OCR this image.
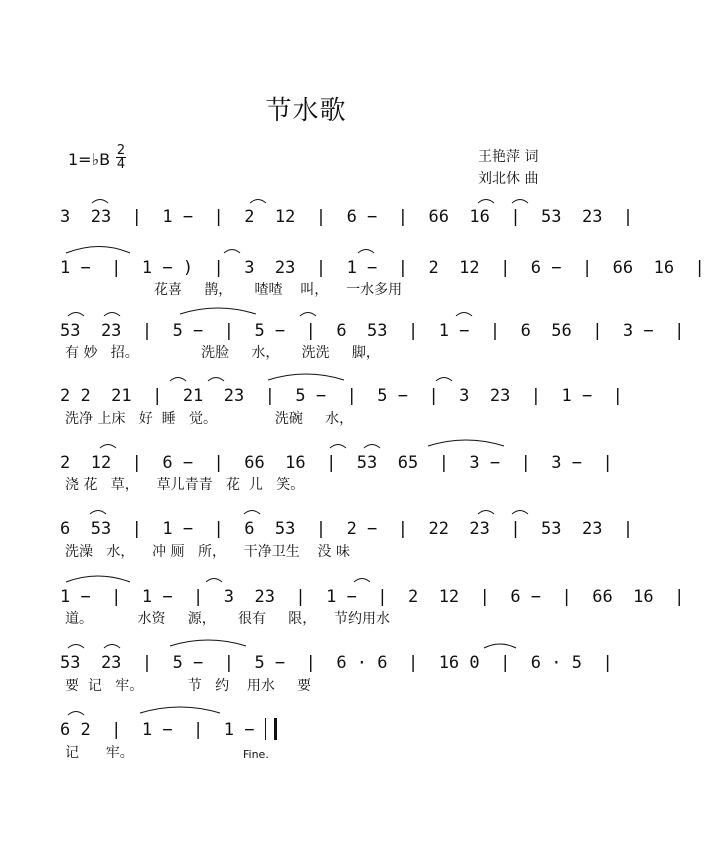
节水歌
1=♭B 2
4	王艳萍 词
刘北休 曲
3  23  |  1 −  |  2  12  |  6 −  |  66  16  |  53  23  |
1 −  |  1 − )  |  3  23  |  1 −  |  2  12  |  6 −  |  66  16  |
花喜     鹊，     喳喳    叫，    一水多用
53  23  |  5 −  |  5 −  |  6  53  |  1 −  |  6  56  |  3 −  |
有 妙   招。              洗脸     水，     洗洗     脚，
2 2  21  |  21  23  |  5 −  |  5 −  |  3  23  |  1 −  |
洗净 上床   好  睡   觉。             洗碗     水，
2  12  |  6 −  |  66  16  |  53  65  |  3 −  |  3 −  |
浇 花   草，    草儿青青   花  儿   笑。
6  53  |  1 −  |  6  53  |  2 −  |  22  23  |  53  23  |
洗澡   水，    冲 厕   所，    干净卫生    没 味
1 −  |  1 −  |  3  23  |  1 −  |  2  12  |  6 −  |  66  16  |
道。          水资     源，     很有     限，    节约用水
53  23  |  5 −  |  5 −  |  6 · 6  |  16 0  |  6 · 5  |
要  记   牢。          节   约    用水     要
6 2  |  1 −  |  1 −
记      牢。	Fine.
